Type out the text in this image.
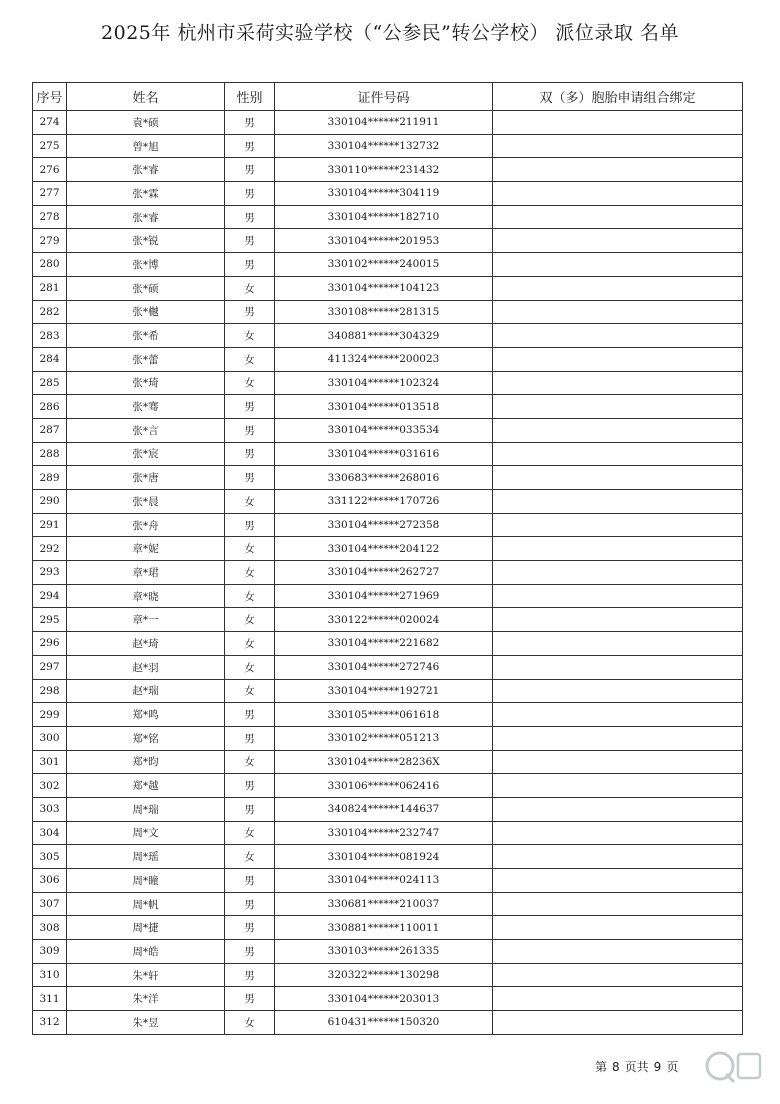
2025年 杭州市采荷实验学校（“公参民”转公学校） 派位录取 名单
序号	姓名	性别	证件号码	双（多）胞胎申请组合绑定
274	袁*硕	男	330104******211911	
275	曾*旭	男	330104******132732	
276	张*睿	男	330110******231432	
277	张*霖	男	330104******304119	
278	张*睿	男	330104******182710	
279	张*锐	男	330104******201953	
280	张*博	男	330102******240015	
281	张*硕	女	330104******104123	
282	张*樾	男	330108******281315	
283	张*希	女	340881******304329	
284	张*蕾	女	411324******200023	
285	张*琦	女	330104******102324	
286	张*骞	男	330104******013518	
287	张*言	男	330104******033534	
288	张*宸	男	330104******031616	
289	张*唐	男	330683******268016	
290	张*晨	女	331122******170726	
291	张*舟	男	330104******272358	
292	章*妮	女	330104******204122	
293	章*珺	女	330104******262727	
294	章*晓	女	330104******271969	
295	章*一	女	330122******020024	
296	赵*琦	女	330104******221682	
297	赵*羽	女	330104******272746	
298	赵*瑞	女	330104******192721	
299	郑*鸣	男	330105******061618	
300	郑*铭	男	330102******051213	
301	郑*昀	女	330104******28236X	
302	郑*越	男	330106******062416	
303	周*瑞	男	340824******144637	
304	周*文	女	330104******232747	
305	周*瑶	女	330104******081924	
306	周*瞳	男	330104******024113	
307	周*帆	男	330681******210037	
308	周*捷	男	330881******110011	
309	周*皓	男	330103******261335	
310	朱*轩	男	320322******130298	
311	朱*洋	男	330104******203013	
312	朱*昱	女	610431******150320	
第 8 页共 9 页
